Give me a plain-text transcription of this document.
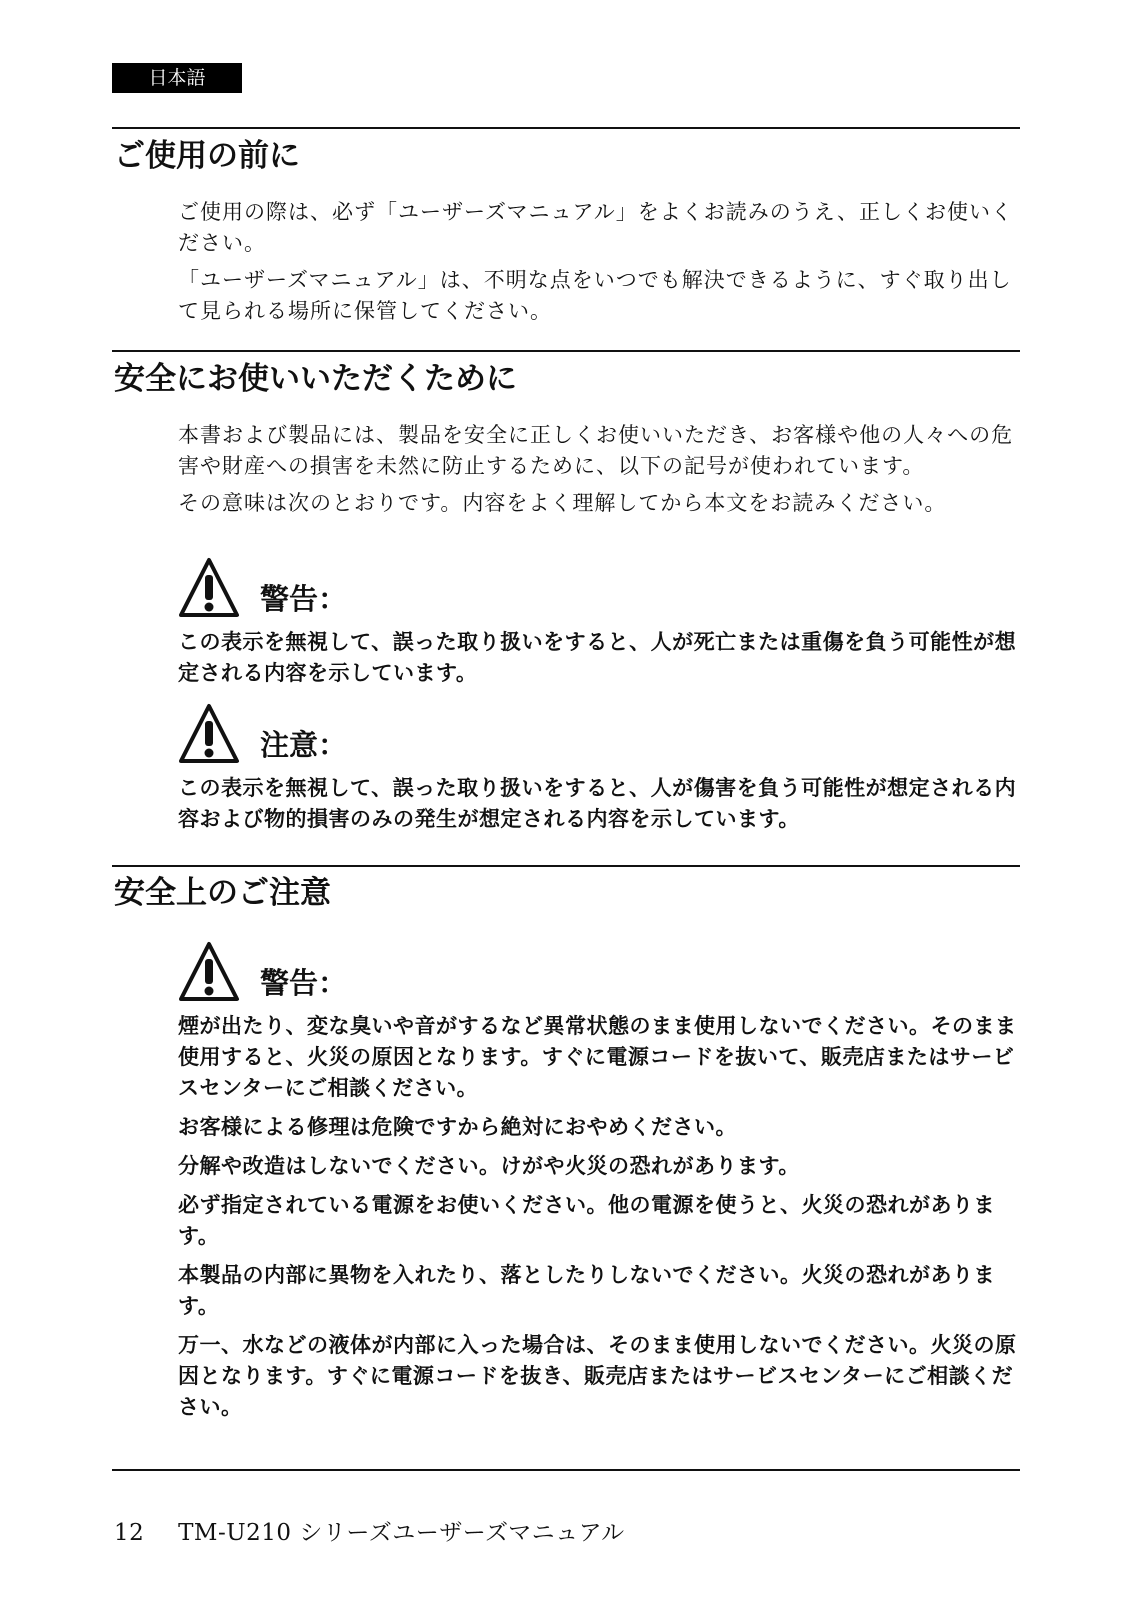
日本語
ご使用の前に

ご使用の際は、必ず「ユーザーズマニュアル」をよくお読みのうえ、正しくお使いください。

「ユーザーズマニュアル」は、不明な点をいつでも解決できるように、すぐ取り出して見られる場所に保管してください。

安全にお使いいただくために

本書および製品には、製品を安全に正しくお使いいただき、お客様や他の人々への危害や財産への損害を未然に防止するために、以下の記号が使われています。

その意味は次のとおりです。内容をよく理解してから本文をお読みください。

警告：

この表示を無視して、誤った取り扱いをすると、人が死亡または重傷を負う可能性が想定される内容を示しています。

注意：

この表示を無視して、誤った取り扱いをすると、人が傷害を負う可能性が想定される内容および物的損害のみの発生が想定される内容を示しています。

安全上のご注意
警告：

煙が出たり、変な臭いや音がするなど異常状態のまま使用しないでください。そのまま使用すると、火災の原因となります。すぐに電源コードを抜いて、販売店またはサービスセンターにご相談ください。

お客様による修理は危険ですから絶対におやめください。

分解や改造はしないでください。けがや火災の恐れがあります。

必ず指定されている電源をお使いください。他の電源を使うと、火災の恐れがあります。

本製品の内部に異物を入れたり、落としたりしないでください。火災の恐れがあります。

万一、水などの液体が内部に入った場合は、そのまま使用しないでください。火災の原因となります。すぐに電源コードを抜き、販売店またはサービスセンターにご相談ください。

12 TM-U210 シリーズユーザーズマニュアル
